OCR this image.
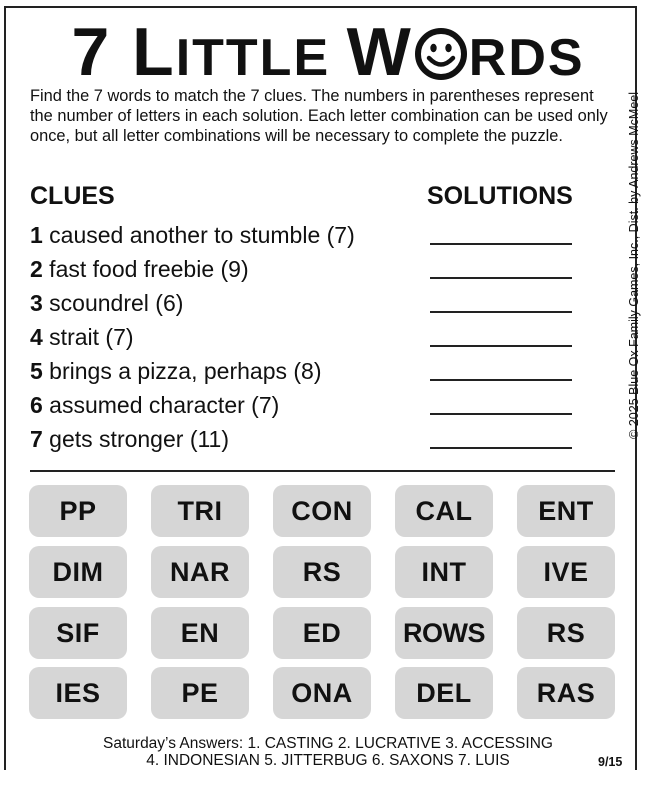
7 LITTLE W RDS
Find the 7 words to match the 7 clues. The numbers in parentheses represent the number of letters in each solution. Each letter combination can be used only once, but all letter combinations will be necessary to complete the puzzle.	© 2025 Blue Ox Family Games, Inc., Dist. by Andrews McMeel
CLUES	SOLUTIONS
1 caused another to stumble (7)
2 fast food freebie (9)
3 scoundrel (6)
4 strait (7)
5 brings a pizza, perhaps (8)
6 assumed character (7)
7 gets stronger (11)
PP	TRI	CON	CAL	ENT
DIM	NAR	RS	INT	IVE
SIF	EN	ED	ROWS	RS
IES	PE	ONA	DEL	RAS
Saturday’s Answers: 1. CASTING 2. LUCRATIVE 3. ACCESSING
4. INDONESIAN 5. JITTERBUG 6. SAXONS 7. LUIS	9/15
